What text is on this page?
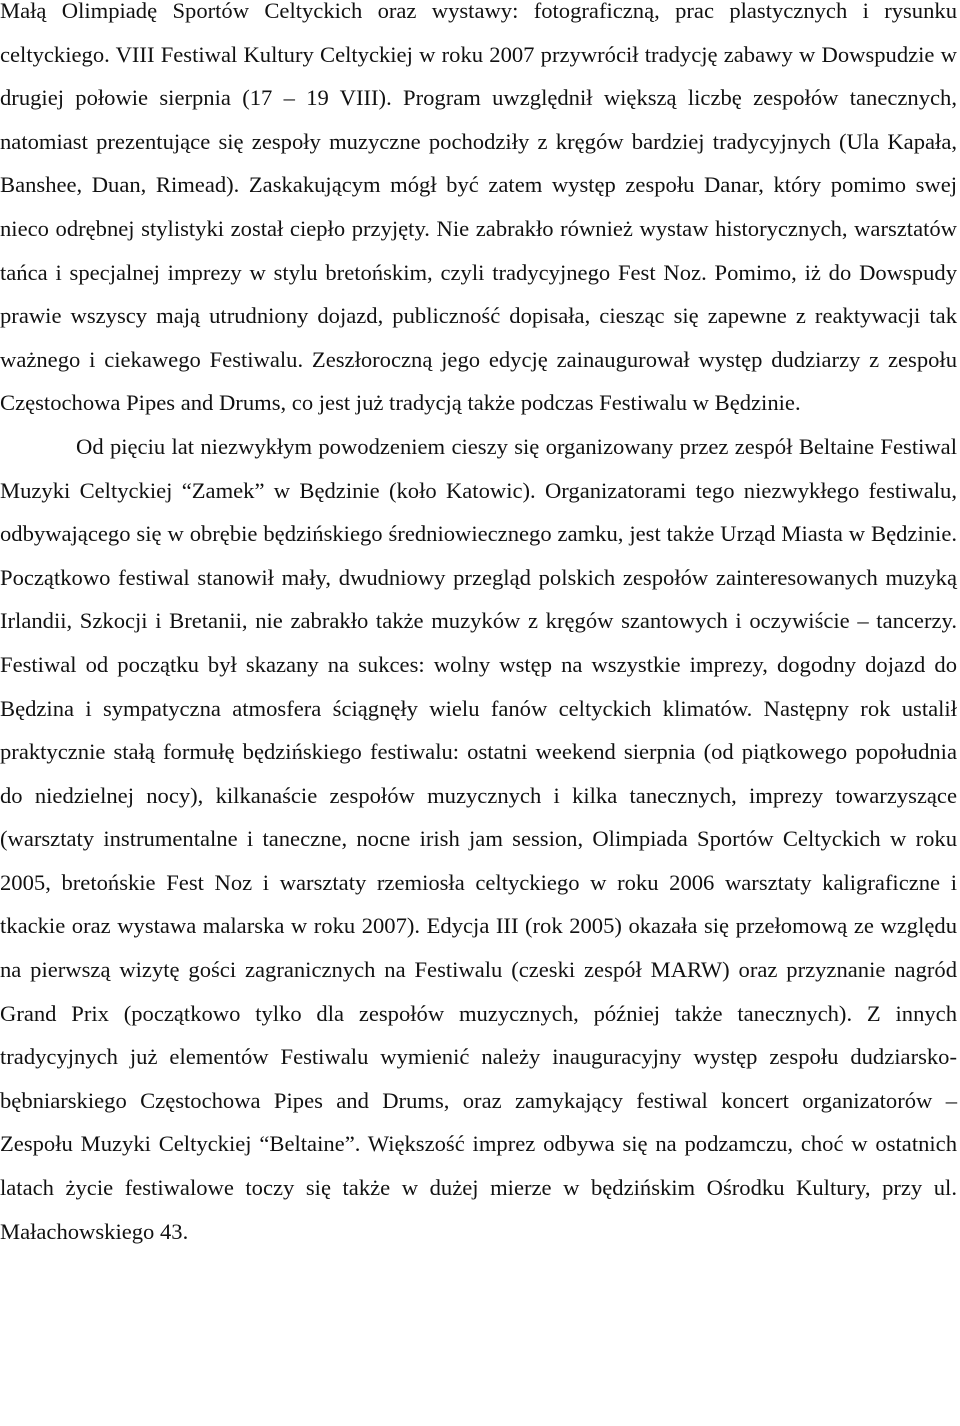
Małą Olimpiadę Sportów Celtyckich oraz wystawy: fotograficzną, prac plastycznych i rysunku celtyckiego. VIII Festiwal Kultury Celtyckiej w roku 2007 przywrócił tradycję zabawy w Dowspudzie w drugiej połowie sierpnia (17 – 19 VIII). Program uwzględnił większą liczbę zespołów tanecznych, natomiast prezentujące się zespoły muzyczne pochodziły z kręgów bardziej tradycyjnych (Ula Kapała, Banshee, Duan, Rimead). Zaskakującym mógł być zatem występ zespołu Danar, który pomimo swej nieco odrębnej stylistyki został ciepło przyjęty. Nie zabrakło również wystaw historycznych, warsztatów tańca i specjalnej imprezy w stylu bretońskim, czyli tradycyjnego Fest Noz. Pomimo, iż do Dowspudy prawie wszyscy mają utrudniony dojazd, publiczność dopisała, ciesząc się zapewne z reaktywacji tak ważnego i ciekawego Festiwalu. Zeszłoroczną jego edycję zainaugurował występ dudziarzy z zespołu Częstochowa Pipes and Drums, co jest już tradycją także podczas Festiwalu w Będzinie.

Od pięciu lat niezwykłym powodzeniem cieszy się organizowany przez zespół Beltaine Festiwal Muzyki Celtyckiej “Zamek” w Będzinie (koło Katowic). Organizatorami tego niezwykłego festiwalu, odbywającego się w obrębie będzińskiego średniowiecznego zamku, jest także Urząd Miasta w Będzinie. Początkowo festiwal stanowił mały, dwudniowy przegląd polskich zespołów zainteresowanych muzyką Irlandii, Szkocji i Bretanii, nie zabrakło także muzyków z kręgów szantowych i oczywiście – tancerzy. Festiwal od początku był skazany na sukces: wolny wstęp na wszystkie imprezy, dogodny dojazd do Będzina i sympatyczna atmosfera ściągnęły wielu fanów celtyckich klimatów. Następny rok ustalił praktycznie stałą formułę będzińskiego festiwalu: ostatni weekend sierpnia (od piątkowego popołudnia do niedzielnej nocy), kilkanaście zespołów muzycznych i kilka tanecznych, imprezy towarzyszące (warsztaty instrumentalne i taneczne, nocne irish jam session, Olimpiada Sportów Celtyckich w roku 2005, bretońskie Fest Noz i warsztaty rzemiosła celtyckiego w roku 2006 warsztaty kaligraficzne i tkackie oraz wystawa malarska w roku 2007). Edycja III (rok 2005) okazała się przełomową ze względu na pierwszą wizytę gości zagranicznych na Festiwalu (czeski zespół MARW) oraz przyznanie nagród Grand Prix (początkowo tylko dla zespołów muzycznych, później także tanecznych). Z innych tradycyjnych już elementów Festiwalu wymienić należy inauguracyjny występ zespołu dudziarsko-bębniarskiego Częstochowa Pipes and Drums, oraz zamykający festiwal koncert organizatorów – Zespołu Muzyki Celtyckiej “Beltaine”. Większość imprez odbywa się na podzamczu, choć w ostatnich latach życie festiwalowe toczy się także w dużej mierze w będzińskim Ośrodku Kultury, przy ul. Małachowskiego 43.
